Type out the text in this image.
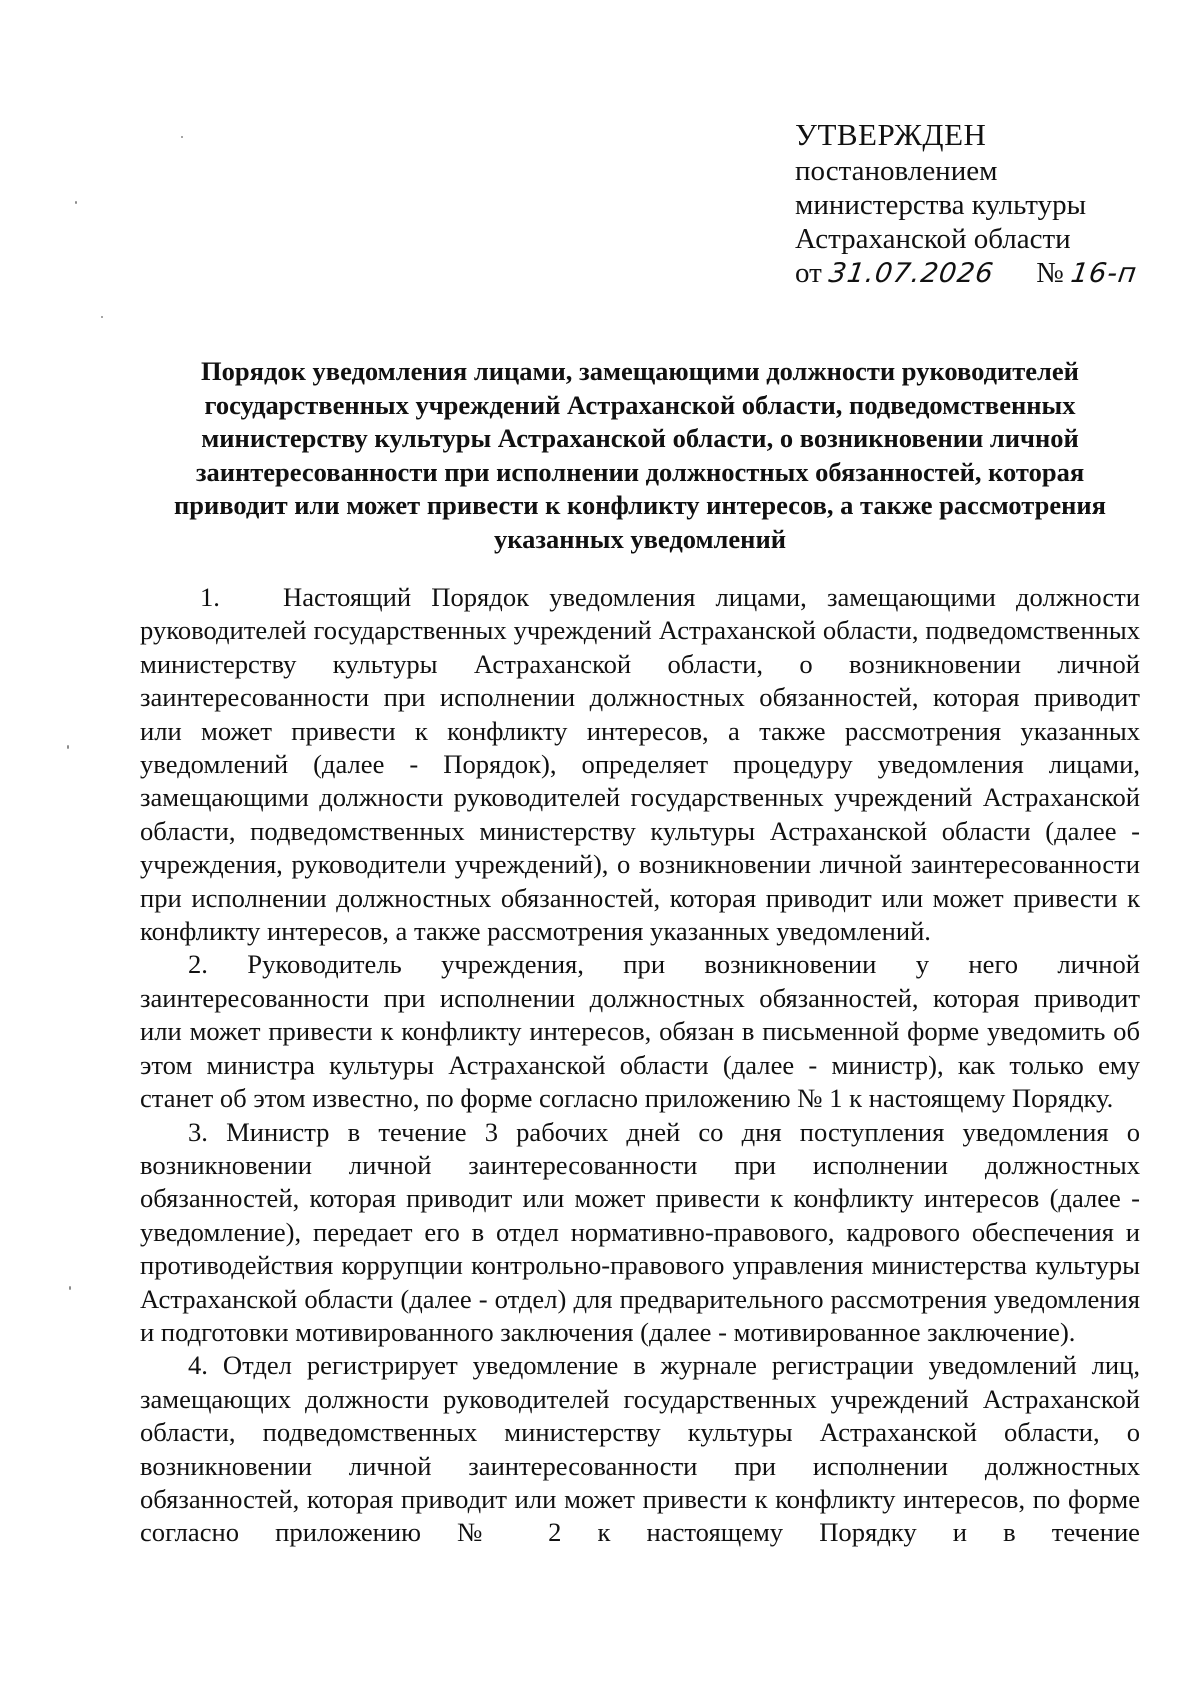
УТВЕРЖДЕН
постановлением
министерства культуры
Астраханской области
от 31.07.2026 № 16-п
Порядок уведомления лицами, замещающими должности руководителей государственных учреждений Астраханской области, подведомственных министерству культуры Астраханской области, о возникновении личной заинтересованности при исполнении должностных обязанностей, которая приводит или может привести к конфликту интересов, а также рассмотрения указанных уведомлений

1. Настоящий Порядок уведомления лицами, замещающими должности руководителей государственных учреждений Астраханской области, подведомственных министерству культуры Астраханской области, о возникновении личной заинтересованности при исполнении должностных обязанностей, которая приводит или может привести к конфликту интересов, а также рассмотрения указанных уведомлений (далее - Порядок), определяет процедуру уведомления лицами, замещающими должности руководителей государственных учреждений Астраханской области, подведомственных министерству культуры Астраханской области (далее - учреждения, руководители учреждений), о возникновении личной заинтересованности при исполнении должностных обязанностей, которая приводит или может привести к конфликту интересов, а также рассмотрения указанных уведомлений.

2. Руководитель учреждения, при возникновении у него личной заинтересованности при исполнении должностных обязанностей, которая приводит или может привести к конфликту интересов, обязан в письменной форме уведомить об этом министра культуры Астраханской области (далее - министр), как только ему станет об этом известно, по форме согласно приложению № 1 к настоящему Порядку.

3. Министр в течение 3 рабочих дней со дня поступления уведомления о возникновении личной заинтересованности при исполнении должностных обязанностей, которая приводит или может привести к конфликту интересов (далее - уведомление), передает его в отдел нормативно-правового, кадрового обеспечения и противодействия коррупции контрольно-правового управления министерства культуры Астраханской области (далее - отдел) для предварительного рассмотрения уведомления и подготовки мотивированного заключения (далее - мотивированное заключение).

4. Отдел регистрирует уведомление в журнале регистрации уведомлений лиц, замещающих должности руководителей государственных учреждений Астраханской области, подведомственных министерству культуры Астраханской области, о возникновении личной заинтересованности при исполнении должностных обязанностей, которая приводит или может привести к конфликту интересов, по форме согласно приложению № 2 к настоящему Порядку и в течение
